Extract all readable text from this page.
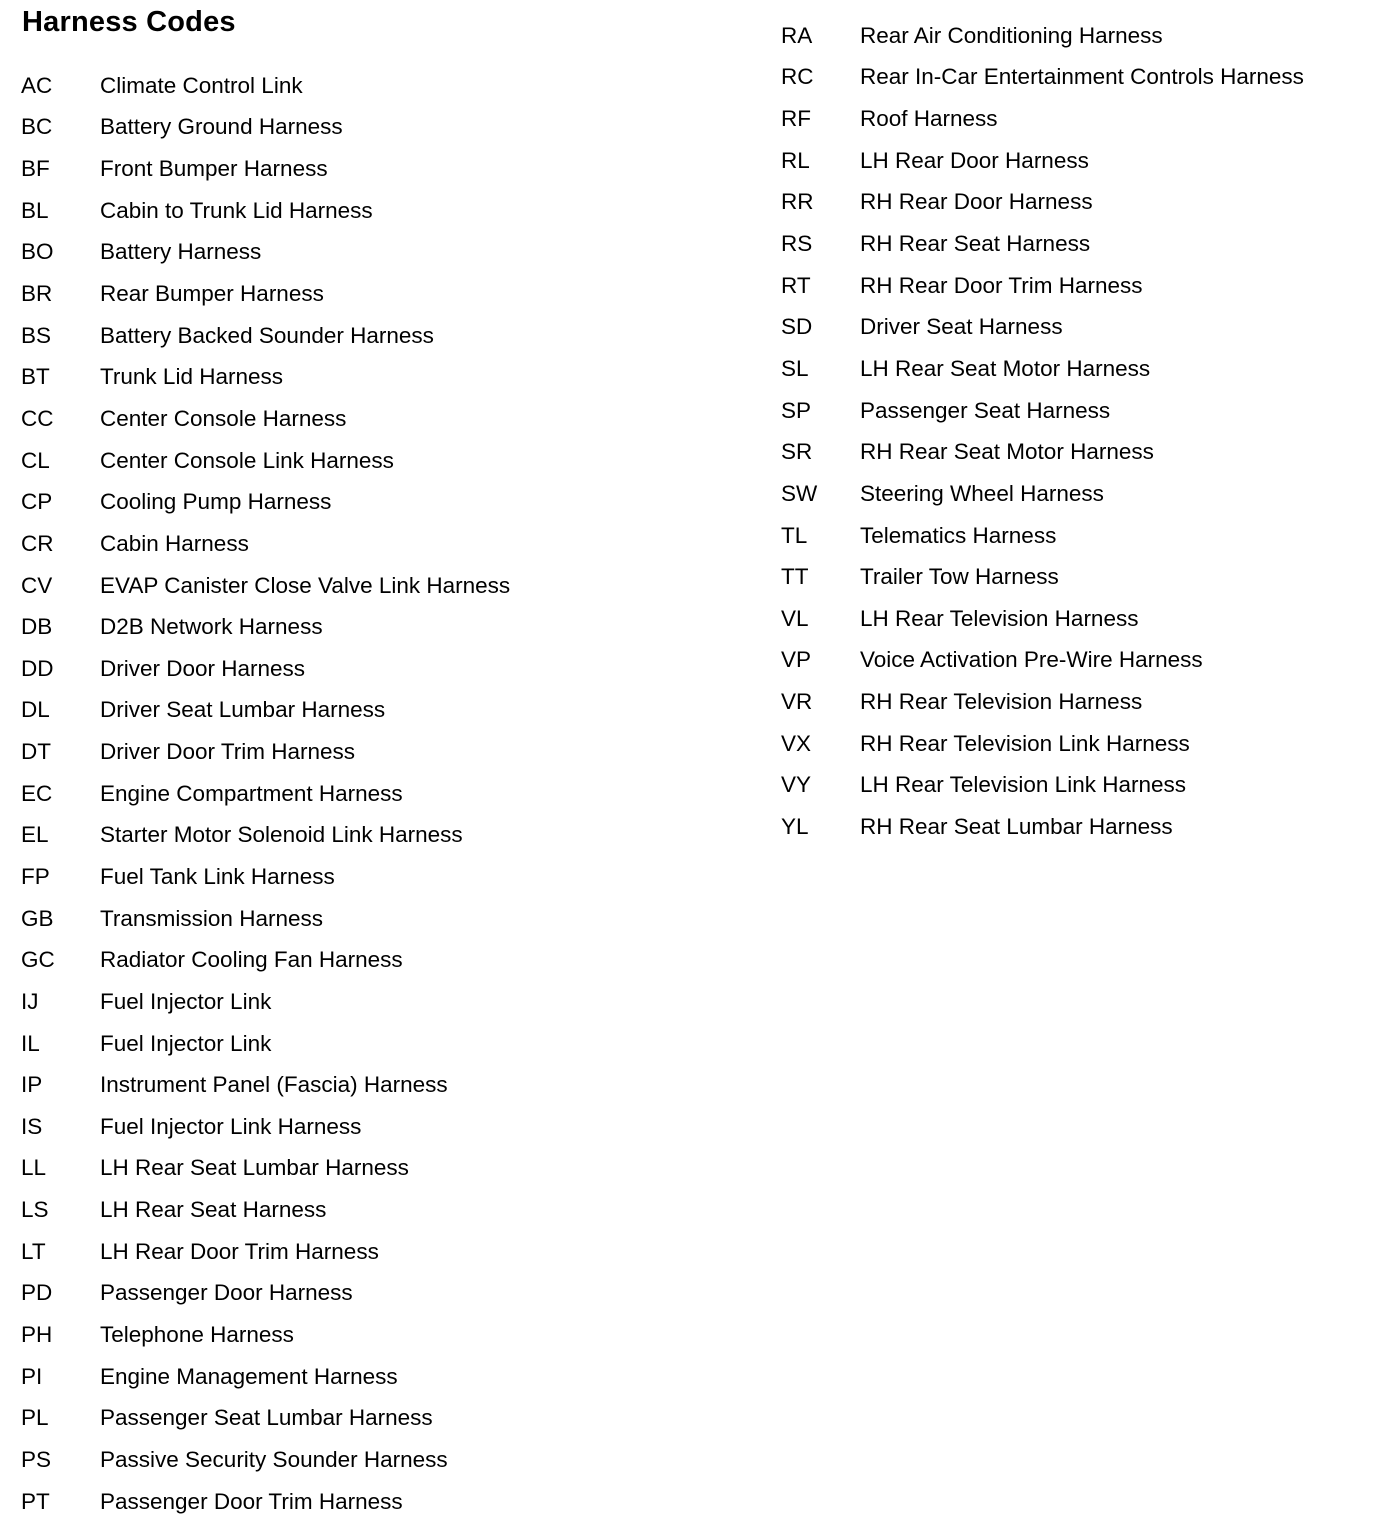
Harness Codes
AC	Climate Control Link
BC	Battery Ground Harness
BF	Front Bumper Harness
BL	Cabin to Trunk Lid Harness
BO	Battery Harness
BR	Rear Bumper Harness
BS	Battery Backed Sounder Harness
BT	Trunk Lid Harness
CC	Center Console Harness
CL	Center Console Link Harness
CP	Cooling Pump Harness
CR	Cabin Harness
CV	EVAP Canister Close Valve Link Harness
DB	D2B Network Harness
DD	Driver Door Harness
DL	Driver Seat Lumbar Harness
DT	Driver Door Trim Harness
EC	Engine Compartment Harness
EL	Starter Motor Solenoid Link Harness
FP	Fuel Tank Link Harness
GB	Transmission Harness
GC	Radiator Cooling Fan Harness
IJ	Fuel Injector Link
IL	Fuel Injector Link
IP	Instrument Panel (Fascia) Harness
IS	Fuel Injector Link Harness
LL	LH Rear Seat Lumbar Harness
LS	LH Rear Seat Harness
LT	LH Rear Door Trim Harness
PD	Passenger Door Harness
PH	Telephone Harness
PI	Engine Management Harness
PL	Passenger Seat Lumbar Harness
PS	Passive Security Sounder Harness
PT	Passenger Door Trim Harness
RA	Rear Air Conditioning Harness
RC	Rear In-Car Entertainment Controls Harness
RF	Roof Harness
RL	LH Rear Door Harness
RR	RH Rear Door Harness
RS	RH Rear Seat Harness
RT	RH Rear Door Trim Harness
SD	Driver Seat Harness
SL	LH Rear Seat Motor Harness
SP	Passenger Seat Harness
SR	RH Rear Seat Motor Harness
SW	Steering Wheel Harness
TL	Telematics Harness
TT	Trailer Tow Harness
VL	LH Rear Television Harness
VP	Voice Activation Pre-Wire Harness
VR	RH Rear Television Harness
VX	RH Rear Television Link Harness
VY	LH Rear Television Link Harness
YL	RH Rear Seat Lumbar Harness
